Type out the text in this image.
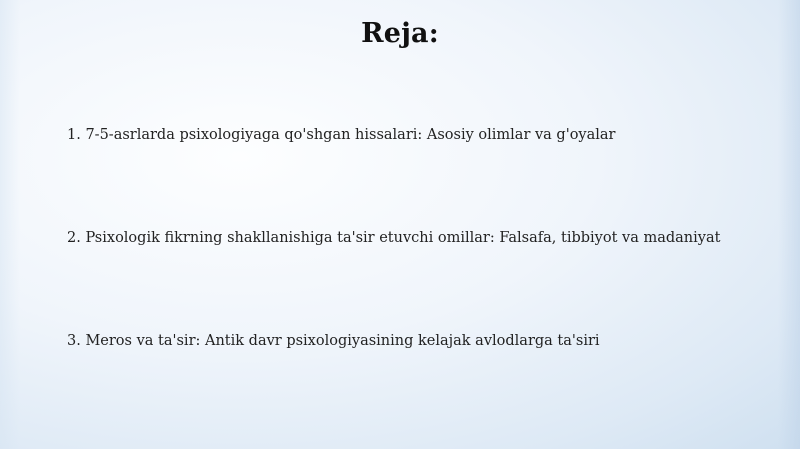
Reja:
1. 7-5-asrlarda psixologiyaga qo'shgan hissalari: Asosiy olimlar va g'oyalar
2. Psixologik fikrning shakllanishiga ta'sir etuvchi omillar: Falsafa, tibbiyot va madaniyat
3. Meros va ta'sir: Antik davr psixologiyasining kelajak avlodlarga ta'siri
